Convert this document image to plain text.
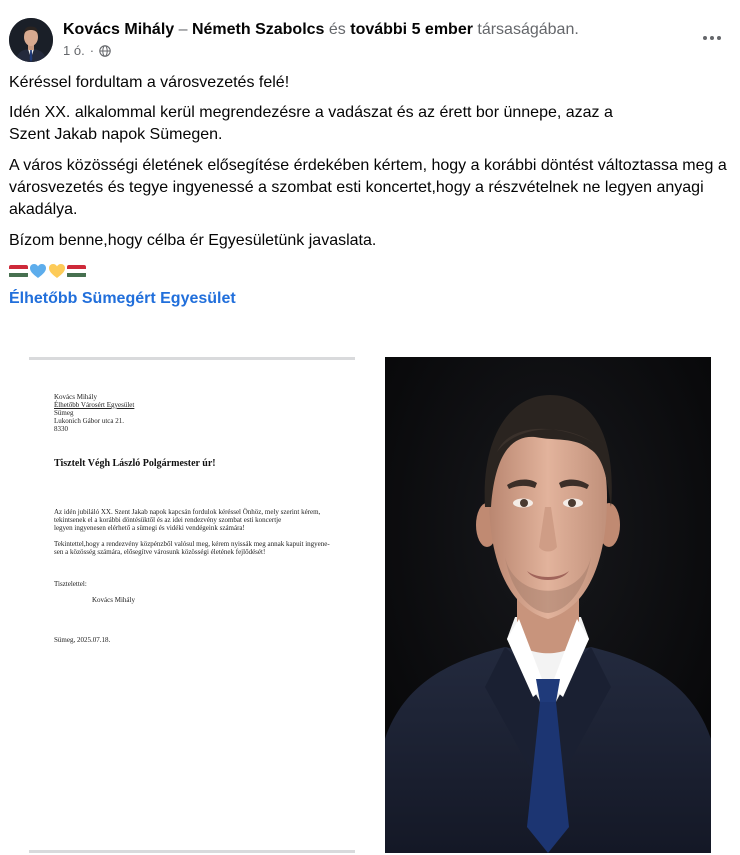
Kovács Mihály – Németh Szabolcs és további 5 ember társaságában.
1 ó. ·

Kéréssel fordultam a városvezetés felé!

Idén XX. alkalommal kerül megrendezésre a vadászat és az érett bor ünnepe, azaz a Szent Jakab napok Sümegen.

A város közösségi életének elősegítése érdekében kértem, hogy a korábbi döntést változtassa meg a városvezetés és tegye ingyenessé a szombat esti koncertet,hogy a részvételnek ne legyen anyagi akadálya.

Bízom benne,hogy célba ér Egyesületünk javaslata.

Élhetőbb Sümegért Egyesület
Kovács Mihály
Élhetőbb Városért Egyesület
Sümeg
Lukonich Gábor utca 21.
8330
Tisztelt Végh László Polgármester úr!
Az idén jubiláló XX. Szent Jakab napok kapcsán fordulok kéréssel Önhöz, mely szerint kérem,
tekintsenek el a korábbi döntésüktől és az idei rendezvény szombat esti koncertje
legyen ingyenesen elérhető a sümegi és vidéki vendégeink számára!
Tekintettel,hogy a rendezvény közpénzből valósul meg, kérem nyissák meg annak kapuit ingyene-
sen a közösség számára, elősegítve városunk közösségi életének fejlődését!
Tisztelettel:
Kovács Mihály
Sümeg, 2025.07.18.
